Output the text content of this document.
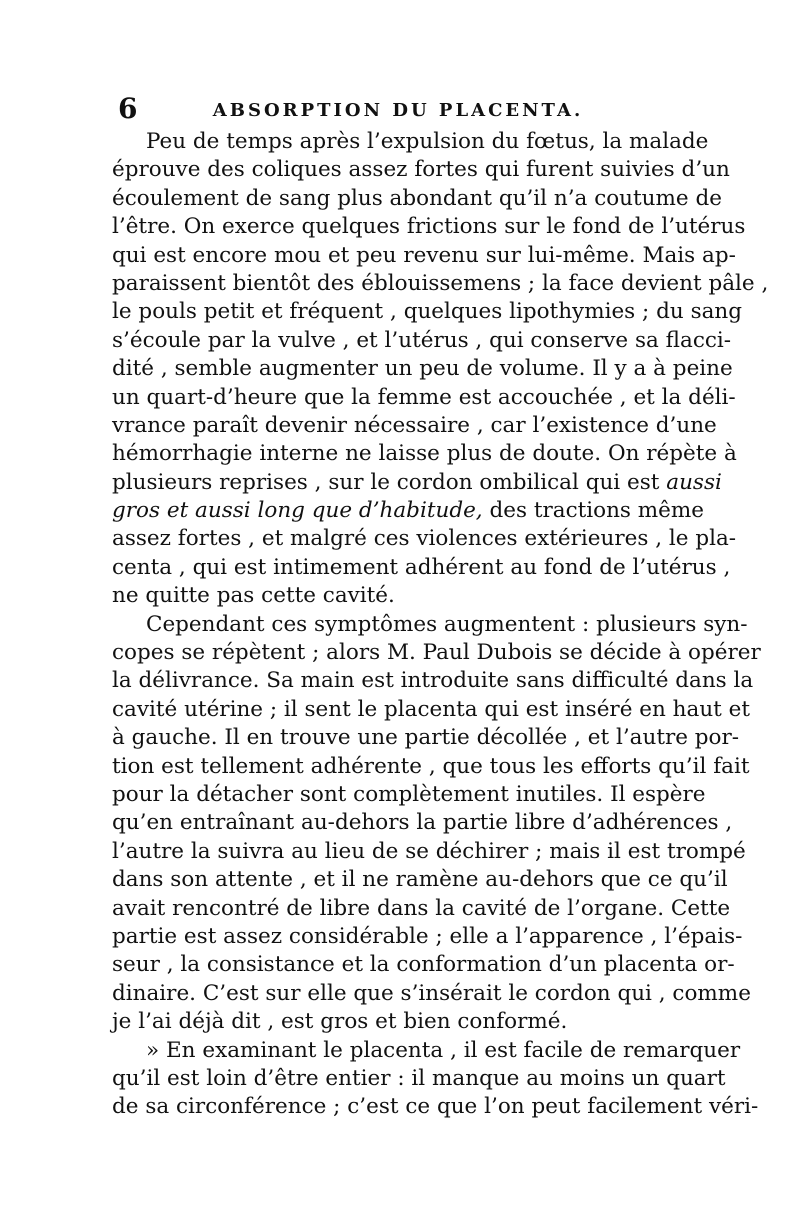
6	ABSORPTION DU PLACENTA.
Peu de temps après l’expulsion du fœtus, la malade
éprouve des coliques assez fortes qui furent suivies d’un
écoulement de sang plus abondant qu’il n’a coutume de
l’être. On exerce quelques frictions sur le fond de l’utérus
qui est encore mou et peu revenu sur lui-même. Mais ap-
paraissent bientôt des éblouissemens ; la face devient pâle ,
le pouls petit et fréquent , quelques lipothymies ; du sang
s’écoule par la vulve , et l’utérus , qui conserve sa flacci-
dité , semble augmenter un peu de volume. Il y a à peine
un quart-d’heure que la femme est accouchée , et la déli-
vrance paraît devenir nécessaire , car l’existence d’une
hémorrhagie interne ne laisse plus de doute. On répète à
plusieurs reprises , sur le cordon ombilical qui est aussi
gros et aussi long que d’habitude, des tractions même
assez fortes , et malgré ces violences extérieures , le pla-
centa , qui est intimement adhérent au fond de l’utérus ,
ne quitte pas cette cavité.
Cependant ces symptômes augmentent : plusieurs syn-
copes se répètent ; alors M. Paul Dubois se décide à opérer
la délivrance. Sa main est introduite sans difficulté dans la
cavité utérine ; il sent le placenta qui est inséré en haut et
à gauche. Il en trouve une partie décollée , et l’autre por-
tion est tellement adhérente , que tous les efforts qu’il fait
pour la détacher sont complètement inutiles. Il espère
qu’en entraînant au-dehors la partie libre d’adhérences ,
l’autre la suivra au lieu de se déchirer ; mais il est trompé
dans son attente , et il ne ramène au-dehors que ce qu’il
avait rencontré de libre dans la cavité de l’organe. Cette
partie est assez considérable ; elle a l’apparence , l’épais-
seur , la consistance et la conformation d’un placenta or-
dinaire. C’est sur elle que s’insérait le cordon qui , comme
je l’ai déjà dit , est gros et bien conformé.
» En examinant le placenta , il est facile de remarquer
qu’il est loin d’être entier : il manque au moins un quart
de sa circonférence ; c’est ce que l’on peut facilement véri-
